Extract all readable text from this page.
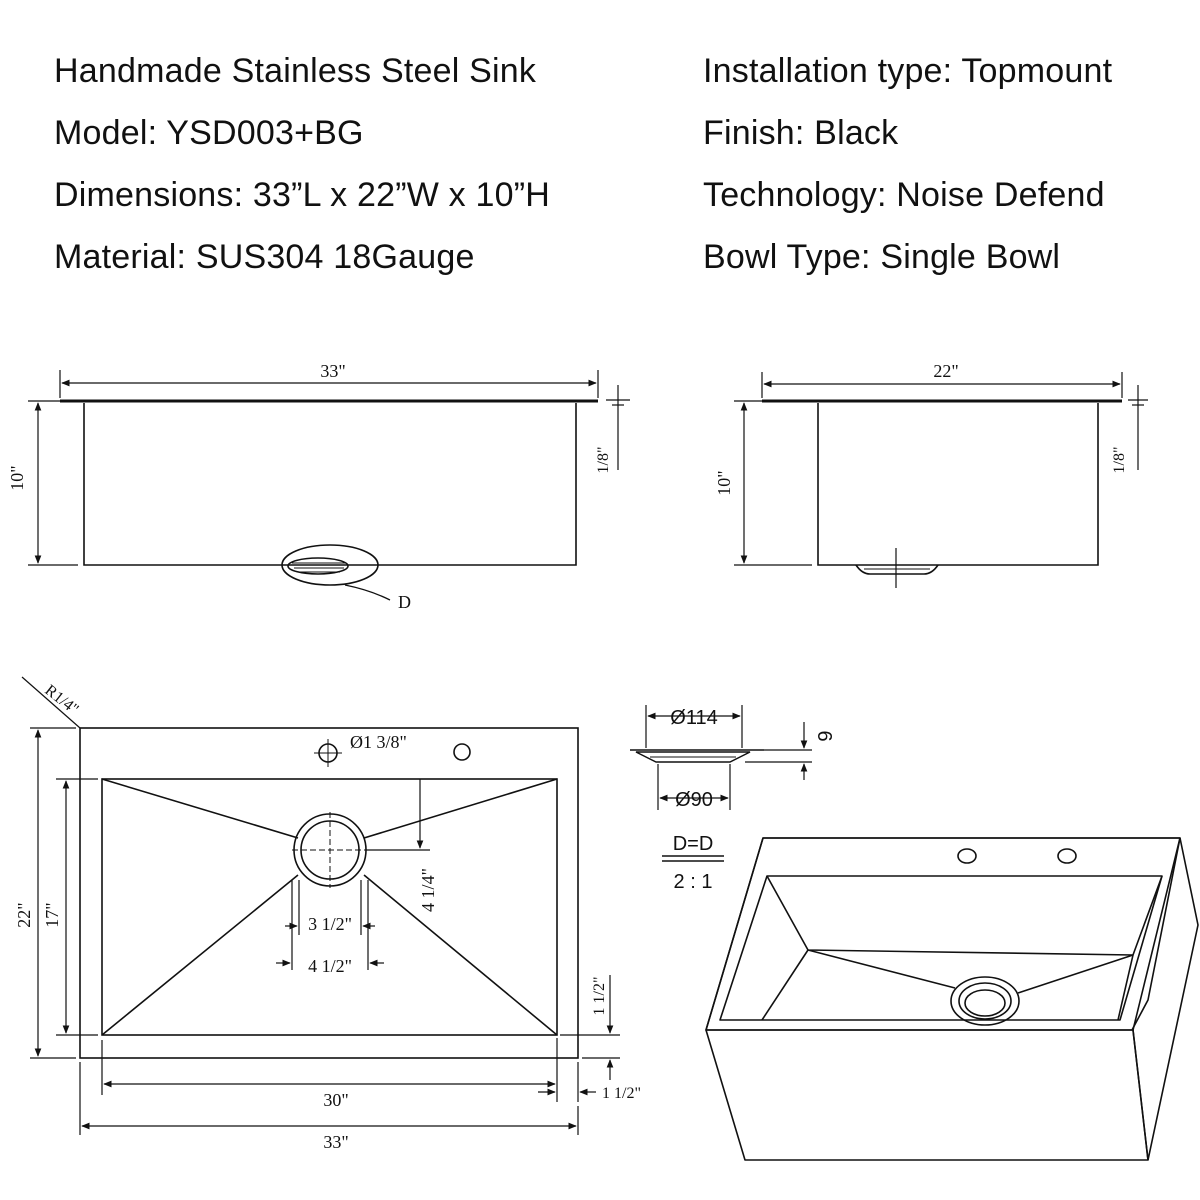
Handmade Stainless Steel Sink
Model: YSD003+BG
Dimensions: 33”L x 22”W x 10”H
Material: SUS304 18Gauge
Installation type: Topmount
Finish: Black
Technology: Noise Defend
Bowl Type: Single Bowl
33"
10"
1/8"
D
22"
10"
1/8"
R1/4"
Ø1 3/8"
4 1/4"
3 1/2"
4 1/2"
22" 17"
1 1/2"
1 1/2"
30"
33"
Ø114
Ø90
6
D=D
2 : 1
